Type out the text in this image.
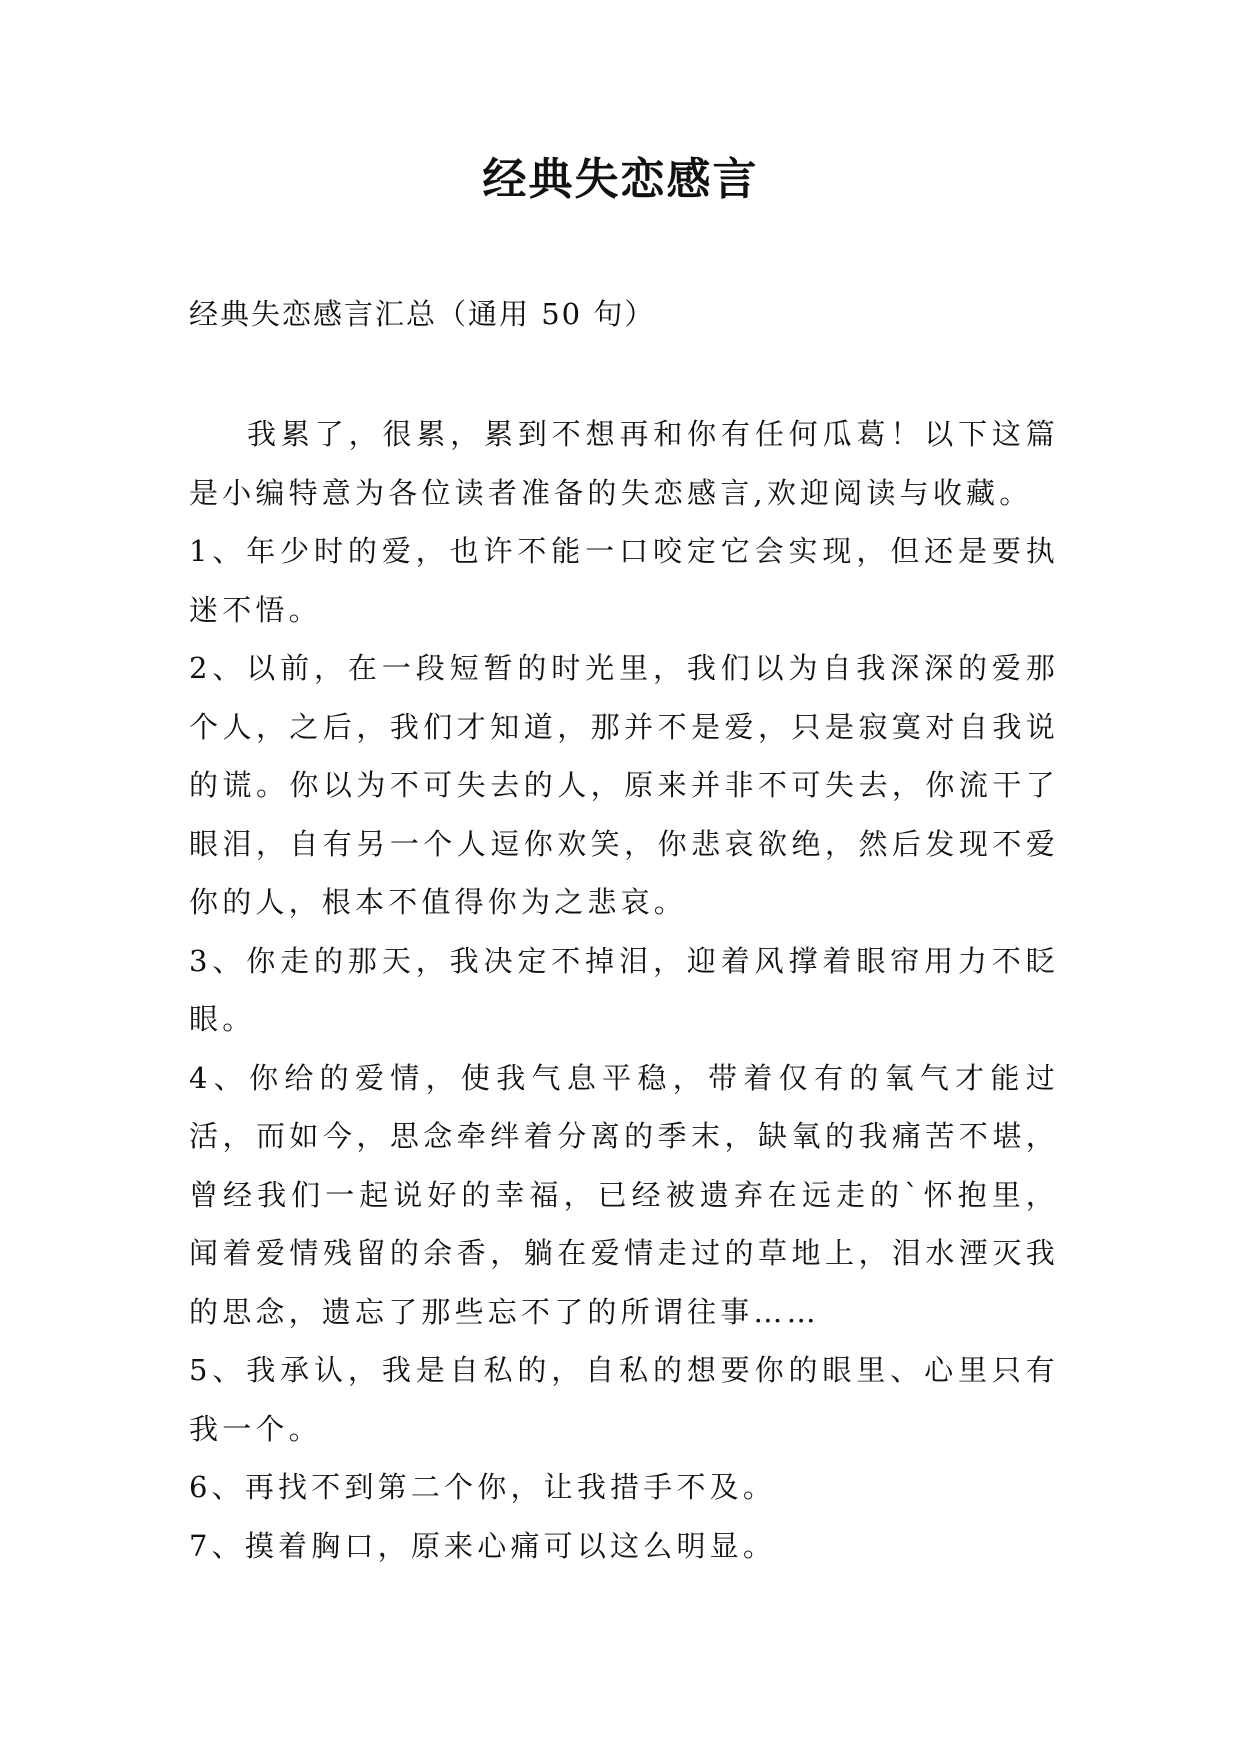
经典失恋感言
经典失恋感言汇总（通用 50 句）

我累了，很累，累到不想再和你有任何瓜葛！以下这篇是小编特意为各位读者准备的失恋感言,欢迎阅读与收藏。

1、年少时的爱，也许不能一口咬定它会实现，但还是要执迷不悟。

2、以前，在一段短暂的时光里，我们以为自我深深的爱那个人，之后，我们才知道，那并不是爱，只是寂寞对自我说的谎。你以为不可失去的人，原来并非不可失去，你流干了眼泪，自有另一个人逗你欢笑，你悲哀欲绝，然后发现不爱你的人，根本不值得你为之悲哀。

3、你走的那天，我决定不掉泪，迎着风撑着眼帘用力不眨眼。

4、你给的爱情，使我气息平稳，带着仅有的氧气才能过活，而如今，思念牵绊着分离的季末，缺氧的我痛苦不堪，曾经我们一起说好的幸福，已经被遗弃在远走的`怀抱里，闻着爱情残留的余香，躺在爱情走过的草地上，泪水湮灭我的思念，遗忘了那些忘不了的所谓往事……

5、我承认，我是自私的，自私的想要你的眼里、心里只有我一个。

6、再找不到第二个你，让我措手不及。

7、摸着胸口，原来心痛可以这么明显。
